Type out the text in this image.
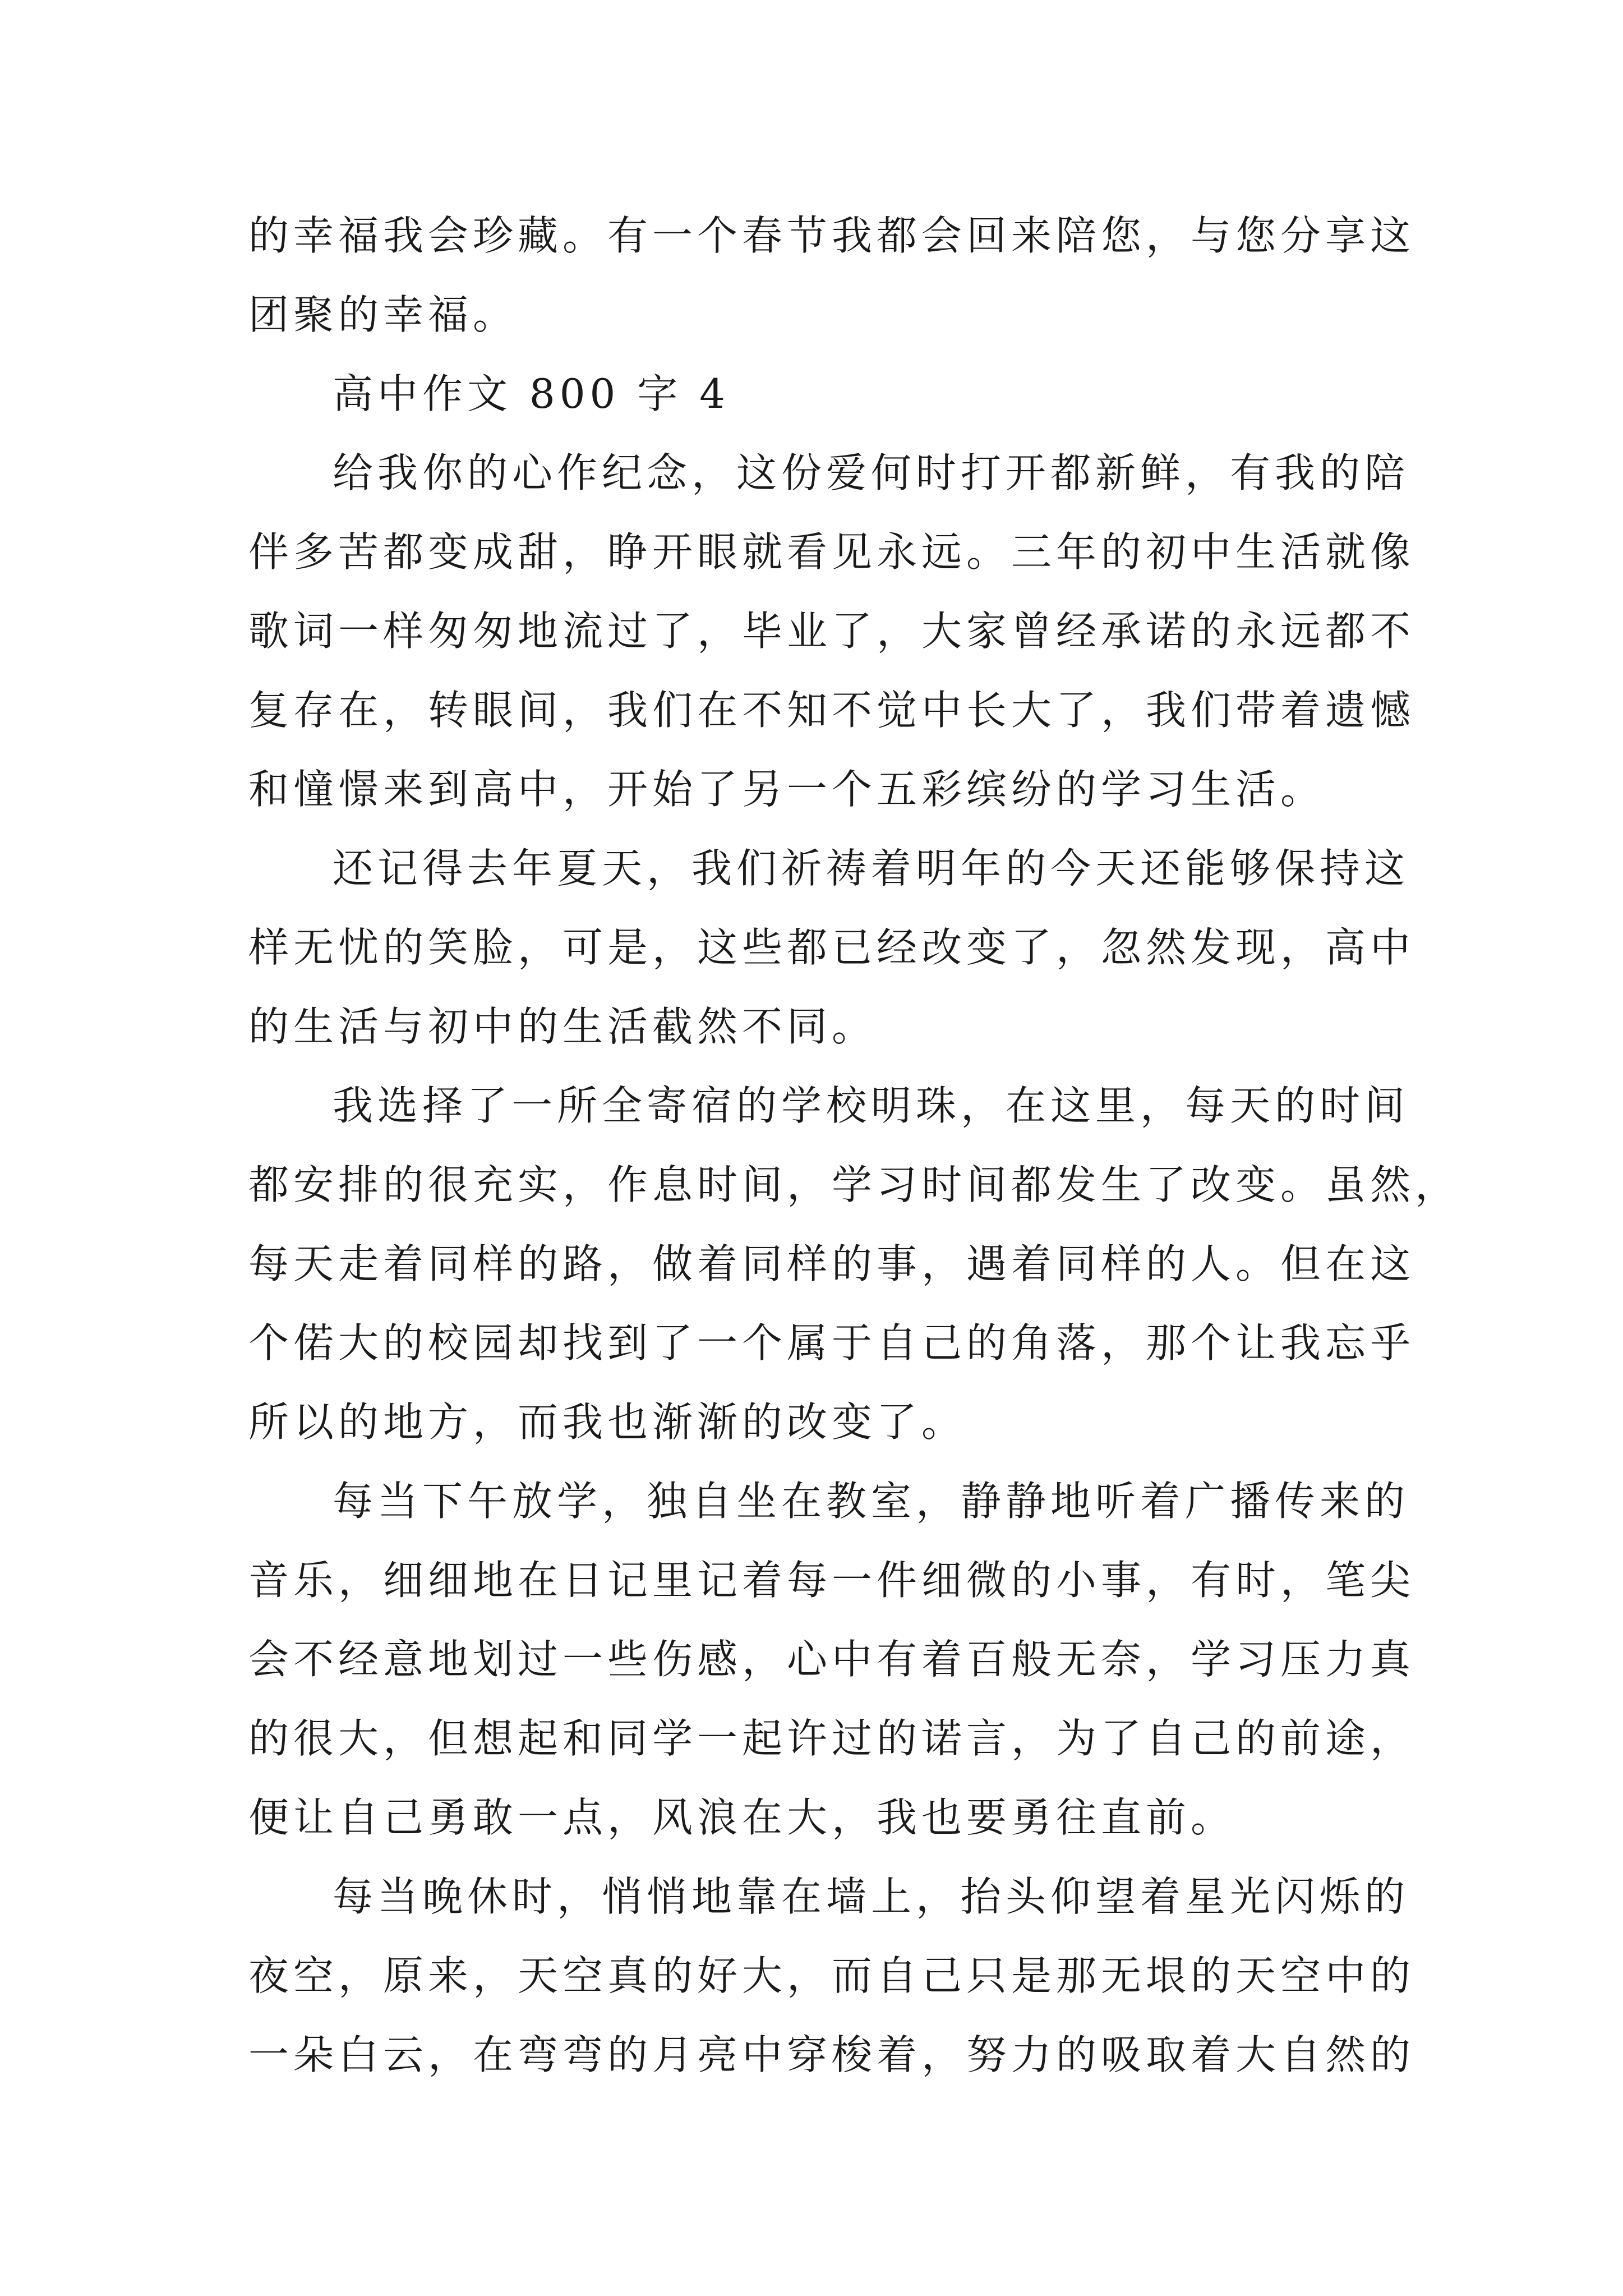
的幸福我会珍藏。有一个春节我都会回来陪您，与您分享这
团聚的幸福。
高中作文 800 字 4
给我你的心作纪念，这份爱何时打开都新鲜，有我的陪
伴多苦都变成甜，睁开眼就看见永远。三年的初中生活就像
歌词一样匆匆地流过了，毕业了，大家曾经承诺的永远都不
复存在，转眼间，我们在不知不觉中长大了，我们带着遗憾
和憧憬来到高中，开始了另一个五彩缤纷的学习生活。
还记得去年夏天，我们祈祷着明年的今天还能够保持这
样无忧的笑脸，可是，这些都已经改变了，忽然发现，高中
的生活与初中的生活截然不同。
我选择了一所全寄宿的学校明珠，在这里，每天的时间
都安排的很充实，作息时间，学习时间都发生了改变。虽然，
每天走着同样的路，做着同样的事，遇着同样的人。但在这
个偌大的校园却找到了一个属于自己的角落，那个让我忘乎
所以的地方，而我也渐渐的改变了。
每当下午放学，独自坐在教室，静静地听着广播传来的
音乐，细细地在日记里记着每一件细微的小事，有时，笔尖
会不经意地划过一些伤感，心中有着百般无奈，学习压力真
的很大，但想起和同学一起许过的诺言，为了自己的前途，
便让自己勇敢一点，风浪在大，我也要勇往直前。
每当晚休时，悄悄地靠在墙上，抬头仰望着星光闪烁的
夜空，原来，天空真的好大，而自己只是那无垠的天空中的
一朵白云，在弯弯的月亮中穿梭着，努力的吸取着大自然的
